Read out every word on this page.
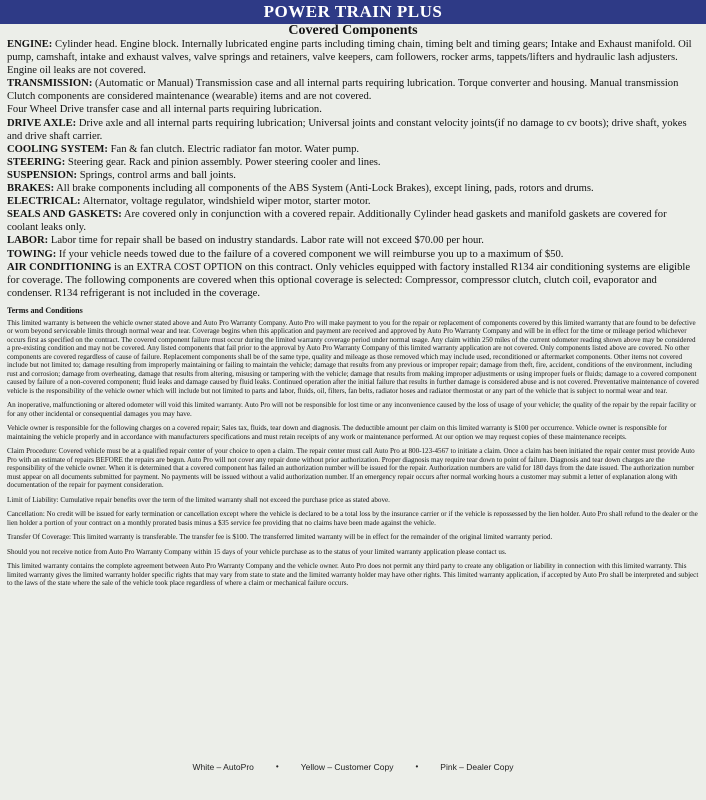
POWER TRAIN PLUS
Covered Components

ENGINE: Cylinder head. Engine block. Internally lubricated engine parts including timing chain, timing belt and timing gears; Intake and Exhaust manifold. Oil pump, camshaft, intake and exhaust valves, valve springs and retainers, valve keepers, cam followers, rocker arms, tappets/lifters and hydraulic lash adjusters. Engine oil leaks are not covered.

TRANSMISSION: (Automatic or Manual) Transmission case and all internal parts requiring lubrication. Torque converter and housing. Manual transmission Clutch components are considered maintenance (wearable) items and are not covered.

Four Wheel Drive transfer case and all internal parts requiring lubrication.

DRIVE AXLE: Drive axle and all internal parts requiring lubrication; Universal joints and constant velocity joints(if no damage to cv boots); drive shaft, yokes and drive shaft carrier.

COOLING SYSTEM: Fan & fan clutch. Electric radiator fan motor. Water pump.

STEERING: Steering gear. Rack and pinion assembly. Power steering cooler and lines.

SUSPENSION: Springs, control arms and ball joints.

BRAKES: All brake components including all components of the ABS System (Anti-Lock Brakes), except lining, pads, rotors and drums.

ELECTRICAL: Alternator, voltage regulator, windshield wiper motor, starter motor.

SEALS AND GASKETS: Are covered only in conjunction with a covered repair. Additionally Cylinder head gaskets and manifold gaskets are covered for coolant leaks only.

LABOR: Labor time for repair shall be based on industry standards. Labor rate will not exceed $70.00 per hour.

TOWING: If your vehicle needs towed due to the failure of a covered component we will reimburse you up to a maximum of $50.

AIR CONDITIONING is an EXTRA COST OPTION on this contract. Only vehicles equipped with factory installed R134 air conditioning systems are eligible for coverage. The following components are covered when this optional coverage is selected: Compressor, compressor clutch, clutch coil, evaporator and condenser. R134 refrigerant is not included in the coverage.

Terms and Conditions

This limited warranty is between the vehicle owner stated above and Auto Pro Warranty Company. Auto Pro will make payment to you for the repair or replacement of components covered by this limited warranty that are found to be defective or worn beyond serviceable limits through normal wear and tear. Coverage begins when this application and payment are received and approved by Auto Pro Warranty Company and will be in effect for the time or mileage period whichever occurs first as specified on the contract. The covered component failure must occur during the limited warranty coverage period under normal usage. Any claim within 250 miles of the current odometer reading shown above may be considered a pre-existing condition and may not be covered. Any listed components that fail prior to the approval by Auto Pro Warranty Company of this limited warranty application are not covered. Only components listed above are covered. No other components are covered regardless of cause of failure. Replacement components shall be of the same type, quality and mileage as those removed which may include used, reconditioned or aftermarket components. Other items not covered include but not limited to; damage resulting from improperly maintaining or failing to maintain the vehicle; damage that results from any previous or improper repair; damage from theft, fire, accident, conditions of the environment, including rust and corrosion; damage from overheating, damage that results from altering, misusing or tampering with the vehicle; damage that results from making improper adjustments or using improper fuels or fluids; damage to a covered component caused by failure of a non-covered component; fluid leaks and damage caused by fluid leaks. Continued operation after the initial failure that results in further damage is considered abuse and is not covered. Preventative maintenance of covered vehicle is the responsibility of the vehicle owner which will include but not limited to parts and labor, fluids, oil, filters, fan belts, radiator hoses and radiator thermostat or any part of the vehicle that is subject to normal wear and tear.

An inoperative, malfunctioning or altered odometer will void this limited warranty. Auto Pro will not be responsible for lost time or any inconvenience caused by the loss of usage of your vehicle; the quality of the repair by the repair facility or for any other incidental or consequential damages you may have.

Vehicle owner is responsible for the following charges on a covered repair; Sales tax, fluids, tear down and diagnosis. The deductible amount per claim on this limited warranty is $100 per occurrence. Vehicle owner is responsible for maintaining the vehicle properly and in accordance with manufacturers specifications and must retain receipts of any work or maintenance performed. At our option we may request copies of these maintenance receipts.

Claim Procedure: Covered vehicle must be at a qualified repair center of your choice to open a claim. The repair center must call Auto Pro at 800-123-4567 to initiate a claim. Once a claim has been initiated the repair center must provide Auto Pro with an estimate of repairs BEFORE the repairs are begun. Auto Pro will not cover any repair done without prior authorization. Proper diagnosis may require tear down to point of failure. Diagnosis and tear down charges are the responsibility of the vehicle owner. When it is determined that a covered component has failed an authorization number will be issued for the repair. Authorization numbers are valid for 180 days from the date issued. The authorization number must appear on all documents submitted for payment. No payments will be issued without a valid authorization number. If an emergency repair occurs after normal working hours a customer may submit a letter of explanation along with documentation of the repair for payment consideration.

Limit of Liability: Cumulative repair benefits over the term of the limited warranty shall not exceed the purchase price as stated above.

Cancellation: No credit will be issued for early termination or cancellation except where the vehicle is declared to be a total loss by the insurance carrier or if the vehicle is repossessed by the lien holder. Auto Pro shall refund to the dealer or the lien holder a portion of your contract on a monthly prorated basis minus a $35 service fee providing that no claims have been made against the vehicle.

Transfer Of Coverage: This limited warranty is transferable. The transfer fee is $100. The transferred limited warranty will be in effect for the remainder of the original limited warranty period.

Should you not receive notice from Auto Pro Warranty Company within 15 days of your vehicle purchase as to the status of your limited warranty application please contact us.

This limited warranty contains the complete agreement between Auto Pro Warranty Company and the vehicle owner. Auto Pro does not permit any third party to create any obligation or liability in connection with this limited warranty. This limited warranty gives the limited warranty holder specific rights that may vary from state to state and the limited warranty holder may have other rights. This limited warranty application, if accepted by Auto Pro shall be interpreted and subject to the laws of the state where the sale of the vehicle took place regardless of where a claim or mechanical failure occurs.

White – AutoPro	•	Yellow – Customer Copy	•	Pink – Dealer Copy
